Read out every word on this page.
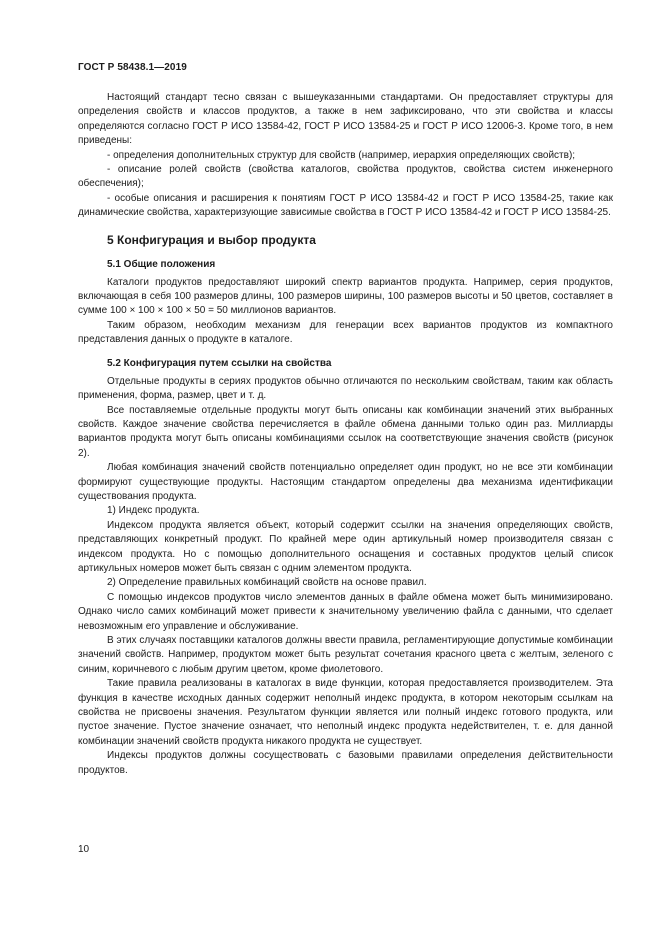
ГОСТ Р 58438.1—2019

Настоящий стандарт тесно связан с вышеуказанными стандартами. Он предоставляет структуры для определения свойств и классов продуктов, а также в нем зафиксировано, что эти свойства и классы определяются согласно ГОСТ Р ИСО 13584-42, ГОСТ Р ИСО 13584-25 и ГОСТ Р ИСО 12006-3. Кроме того, в нем приведены:

- определения дополнительных структур для свойств (например, иерархия определяющих свойств);

- описание ролей свойств (свойства каталогов, свойства продуктов, свойства систем инженерного обеспечения);

- особые описания и расширения к понятиям ГОСТ Р ИСО 13584-42 и ГОСТ Р ИСО 13584-25, такие как динамические свойства, характеризующие зависимые свойства в ГОСТ Р ИСО 13584-42 и ГОСТ Р ИСО 13584-25.

5 Конфигурация и выбор продукта
5.1 Общие положения

Каталоги продуктов предоставляют широкий спектр вариантов продукта. Например, серия продуктов, включающая в себя 100 размеров длины, 100 размеров ширины, 100 размеров высоты и 50 цветов, составляет в сумме 100 × 100 × 100 × 50 = 50 миллионов вариантов.

Таким образом, необходим механизм для генерации всех вариантов продуктов из компактного представления данных о продукте в каталоге.

5.2 Конфигурация путем ссылки на свойства

Отдельные продукты в сериях продуктов обычно отличаются по нескольким свойствам, таким как область применения, форма, размер, цвет и т. д.

Все поставляемые отдельные продукты могут быть описаны как комбинации значений этих выбранных свойств. Каждое значение свойства перечисляется в файле обмена данными только один раз. Миллиарды вариантов продукта могут быть описаны комбинациями ссылок на соответствующие значения свойств (рисунок 2).

Любая комбинация значений свойств потенциально определяет один продукт, но не все эти комбинации формируют существующие продукты. Настоящим стандартом определены два механизма идентификации существования продукта.

1) Индекс продукта.

Индексом продукта является объект, который содержит ссылки на значения определяющих свойств, представляющих конкретный продукт. По крайней мере один артикульный номер производителя связан с индексом продукта. Но с помощью дополнительного оснащения и составных продуктов целый список артикульных номеров может быть связан с одним элементом продукта.

2) Определение правильных комбинаций свойств на основе правил.

С помощью индексов продуктов число элементов данных в файле обмена может быть минимизировано. Однако число самих комбинаций может привести к значительному увеличению файла с данными, что сделает невозможным его управление и обслуживание.

В этих случаях поставщики каталогов должны ввести правила, регламентирующие допустимые комбинации значений свойств. Например, продуктом может быть результат сочетания красного цвета с желтым, зеленого с синим, коричневого с любым другим цветом, кроме фиолетового.

Такие правила реализованы в каталогах в виде функции, которая предоставляется производителем. Эта функция в качестве исходных данных содержит неполный индекс продукта, в котором некоторым ссылкам на свойства не присвоены значения. Результатом функции является или полный индекс готового продукта, или пустое значение. Пустое значение означает, что неполный индекс продукта недействителен, т. е. для данной комбинации значений свойств продукта никакого продукта не существует.

Индексы продуктов должны сосуществовать с базовыми правилами определения действительности продуктов.

10
